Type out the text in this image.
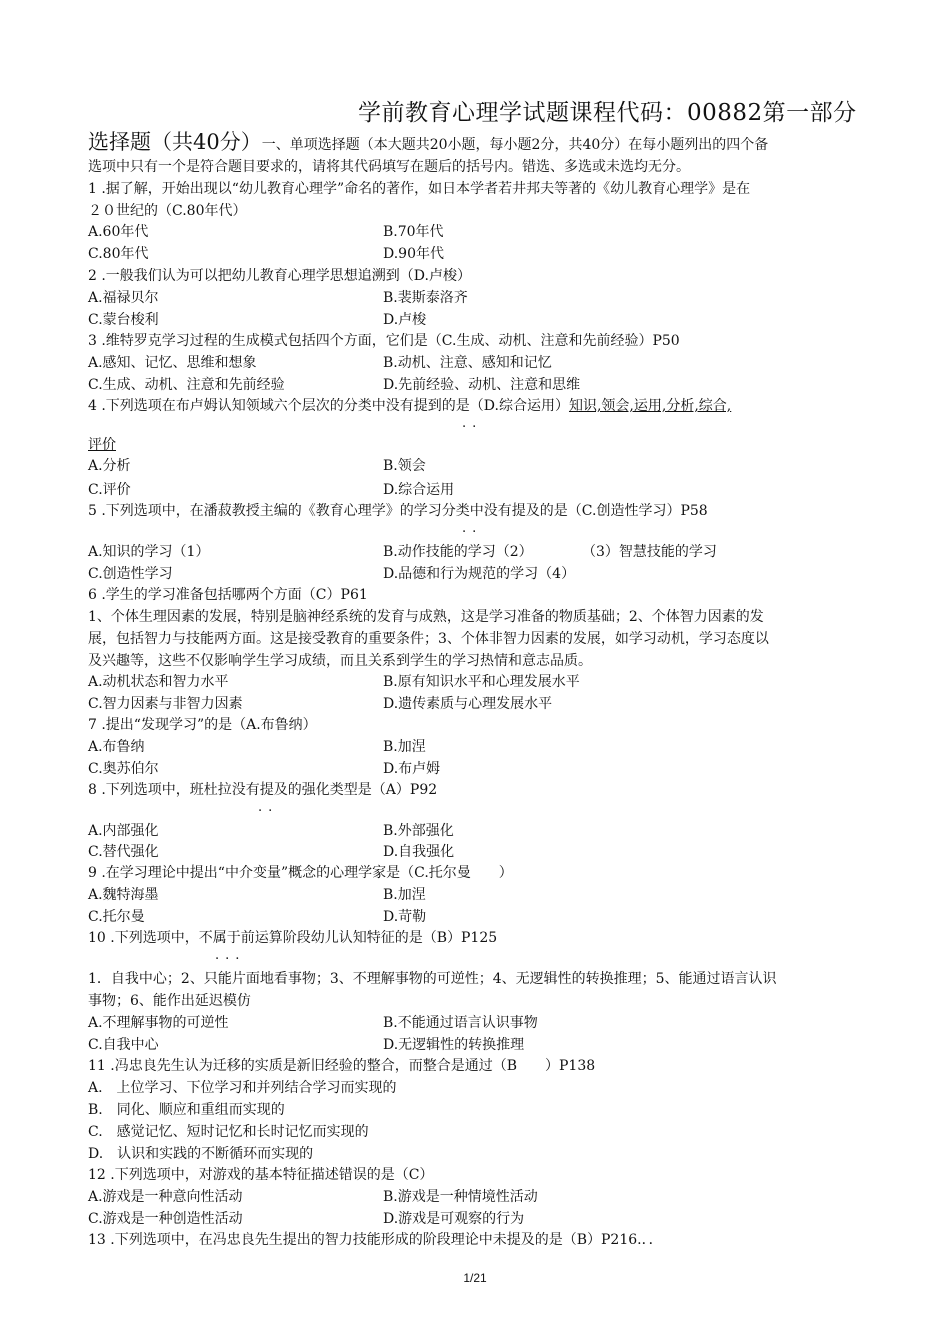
学前教育心理学试题课程代码：00882第一部分
选择题（共40分）一、单项选择题（本大题共20小题，每小题2分，共40分）在每小题列出的四个备
选项中只有一个是符合题目要求的，请将其代码填写在题后的括号内。错选、多选或未选均无分。
1 .据了解，开始出现以“幼儿教育心理学”命名的著作，如日本学者若井邦夫等著的《幼儿教育心理学》是在
２０世纪的（C.80年代）
A.60年代	B.70年代
C.80年代	D.90年代
2 .一般我们认为可以把幼儿教育心理学思想追溯到（D.卢梭）
A.福禄贝尔	B.裴斯泰洛齐
C.蒙台梭利	D.卢梭
3 .维特罗克学习过程的生成模式包括四个方面，它们是（C.生成、动机、注意和先前经验）P50
A.感知、记忆、思维和想象	B.动机、注意、感知和记忆
C.生成、动机、注意和先前经验	D.先前经验、动机、注意和思维
4 .下列选项在布卢姆认知领域六个层次的分类中没有提到的是（D.综合运用）知识,领会,运用,分析,综合,
..
评价
A.分析	B.领会
C.评价	D.综合运用
5 .下列选项中，在潘菽教授主编的《教育心理学》的学习分类中没有提及的是（C.创造性学习）P58
..
A.知识的学习（1）	B.动作技能的学习（2）	（3）智慧技能的学习
C.创造性学习	D.品德和行为规范的学习（4）
6 .学生的学习准备包括哪两个方面（C）P61
1、个体生理因素的发展，特别是脑神经系统的发育与成熟，这是学习准备的物质基础；2、个体智力因素的发
展，包括智力与技能两方面。这是接受教育的重要条件；3、个体非智力因素的发展，如学习动机，学习态度以
及兴趣等，这些不仅影响学生学习成绩，而且关系到学生的学习热情和意志品质。
A.动机状态和智力水平	B.原有知识水平和心理发展水平
C.智力因素与非智力因素	D.遗传素质与心理发展水平
7 .提出“发现学习”的是（A.布鲁纳）
A.布鲁纳	B.加涅
C.奥苏伯尔	D.布卢姆
8 .下列选项中，班杜拉没有提及的强化类型是（A）P92
..
A.内部强化	B.外部强化
C.替代强化	D.自我强化
9 .在学习理论中提出“中介变量”概念的心理学家是（C.托尔曼　　）
A.魏特海墨	B.加涅
C.托尔曼	D.苛勒
10 .下列选项中，不属于前运算阶段幼儿认知特征的是（B）P125
...
1．自我中心；2、只能片面地看事物；3、不理解事物的可逆性；4、无逻辑性的转换推理；5、能通过语言认识
事物；6、能作出延迟模仿
A.不理解事物的可逆性	B.不能通过语言认识事物
C.自我中心	D.无逻辑性的转换推理
11 .冯忠良先生认为迁移的实质是新旧经验的整合，而整合是通过（B　　）P138
A.　上位学习、下位学习和并列结合学习而实现的
B.　同化、顺应和重组而实现的
C.　感觉记忆、短时记忆和长时记忆而实现的
D.　认识和实践的不断循环而实现的
12 .下列选项中，对游戏的基本特征描述错误的是（C）
A.游戏是一种意向性活动	B.游戏是一种情境性活动
C.游戏是一种创造性活动	D.游戏是可观察的行为
13 .下列选项中，在冯忠良先生提出的智力技能形成的阶段理论中未提及的是（B）P216.．．
1/21
